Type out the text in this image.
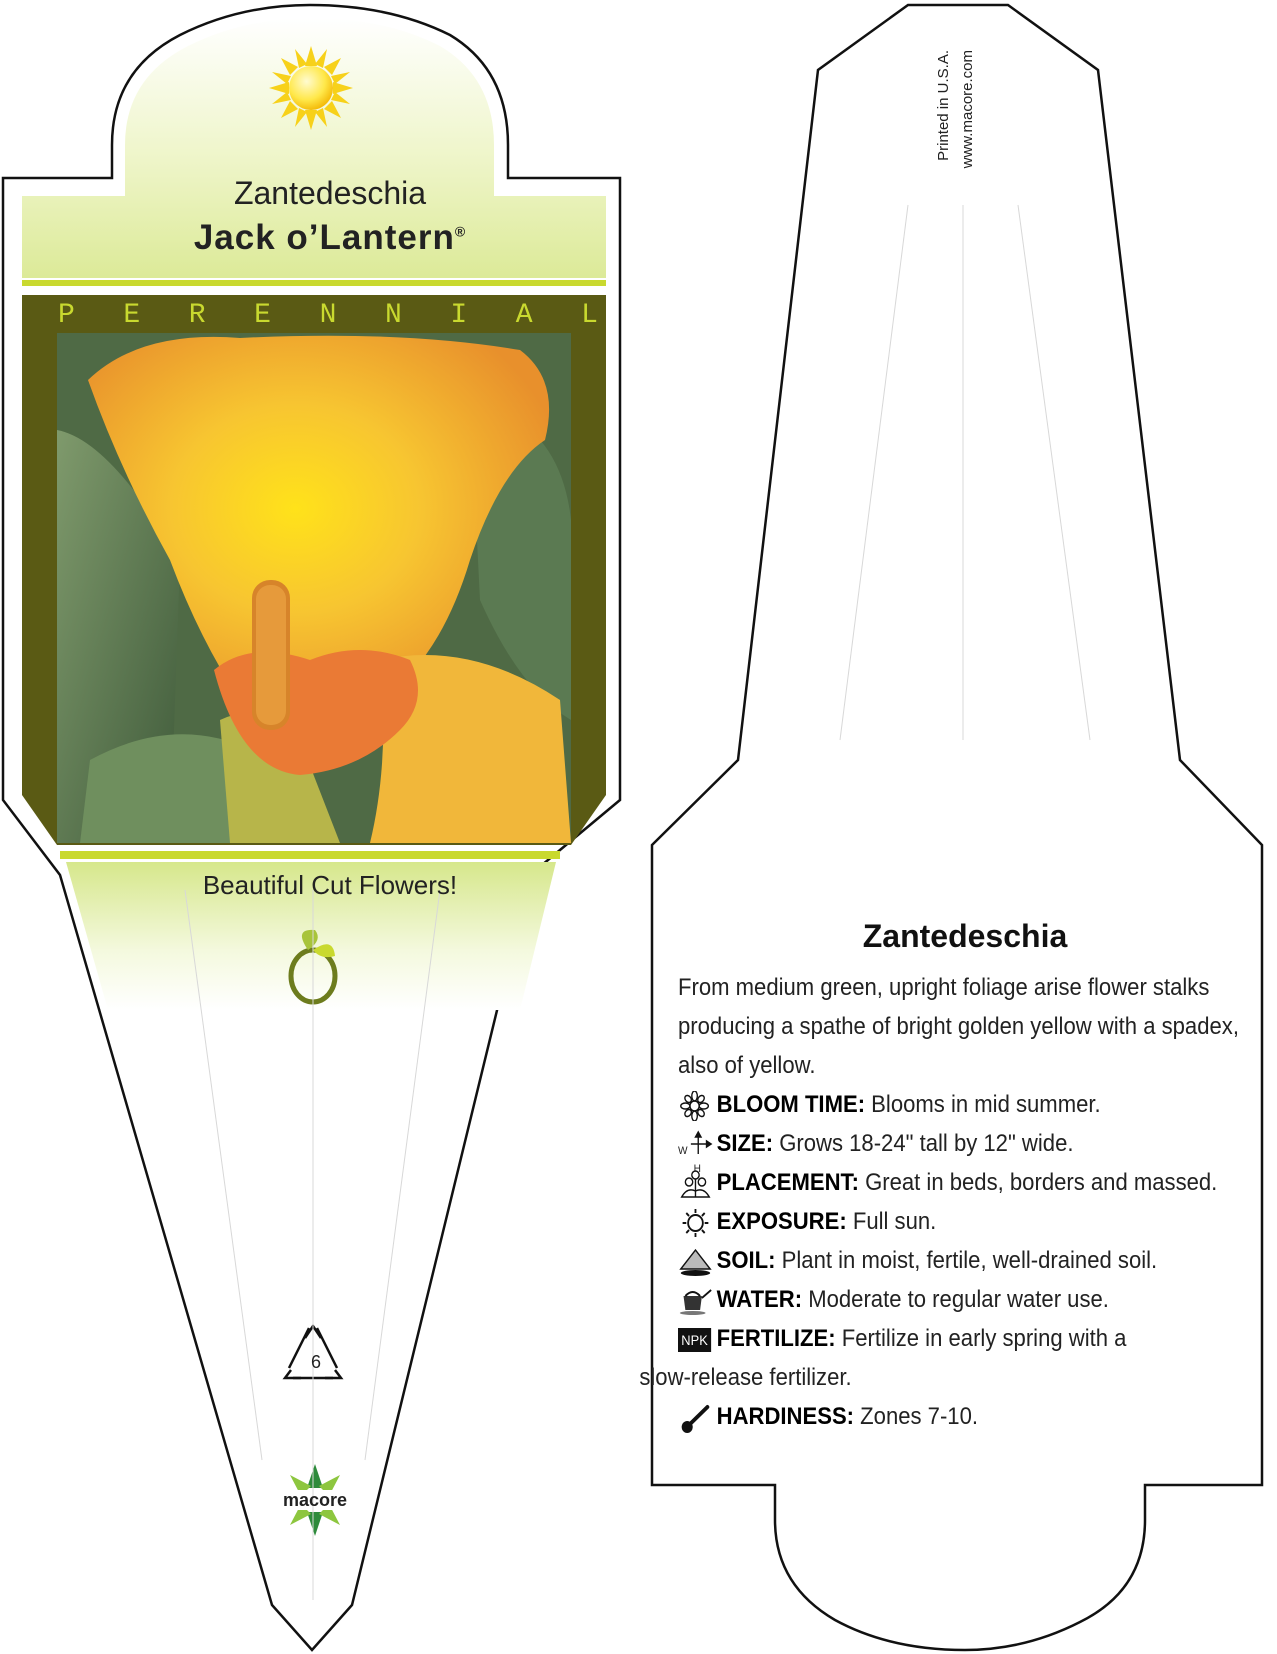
Zantedeschia
Jack o’Lantern®
P E R E N N I A L
Beautiful Cut Flowers!
6
macore
Printed in U.S.A. www.macore.com
Zantedeschia
From medium green, upright foliage arise flower stalks producing a spathe of bright golden yellow with a spadex, also of yellow.
BLOOM TIME: Blooms in mid summer.
W
H
SIZE: Grows 18-24" tall by 12" wide.
PLACEMENT: Great in beds, borders and massed.
EXPOSURE: Full sun.
SOIL: Plant in moist, fertile, well-drained soil.
WATER: Moderate to regular water use.
NPK FERTILIZE: Fertilize in early spring with a
slow-release fertilizer.
HARDINESS: Zones 7-10.
